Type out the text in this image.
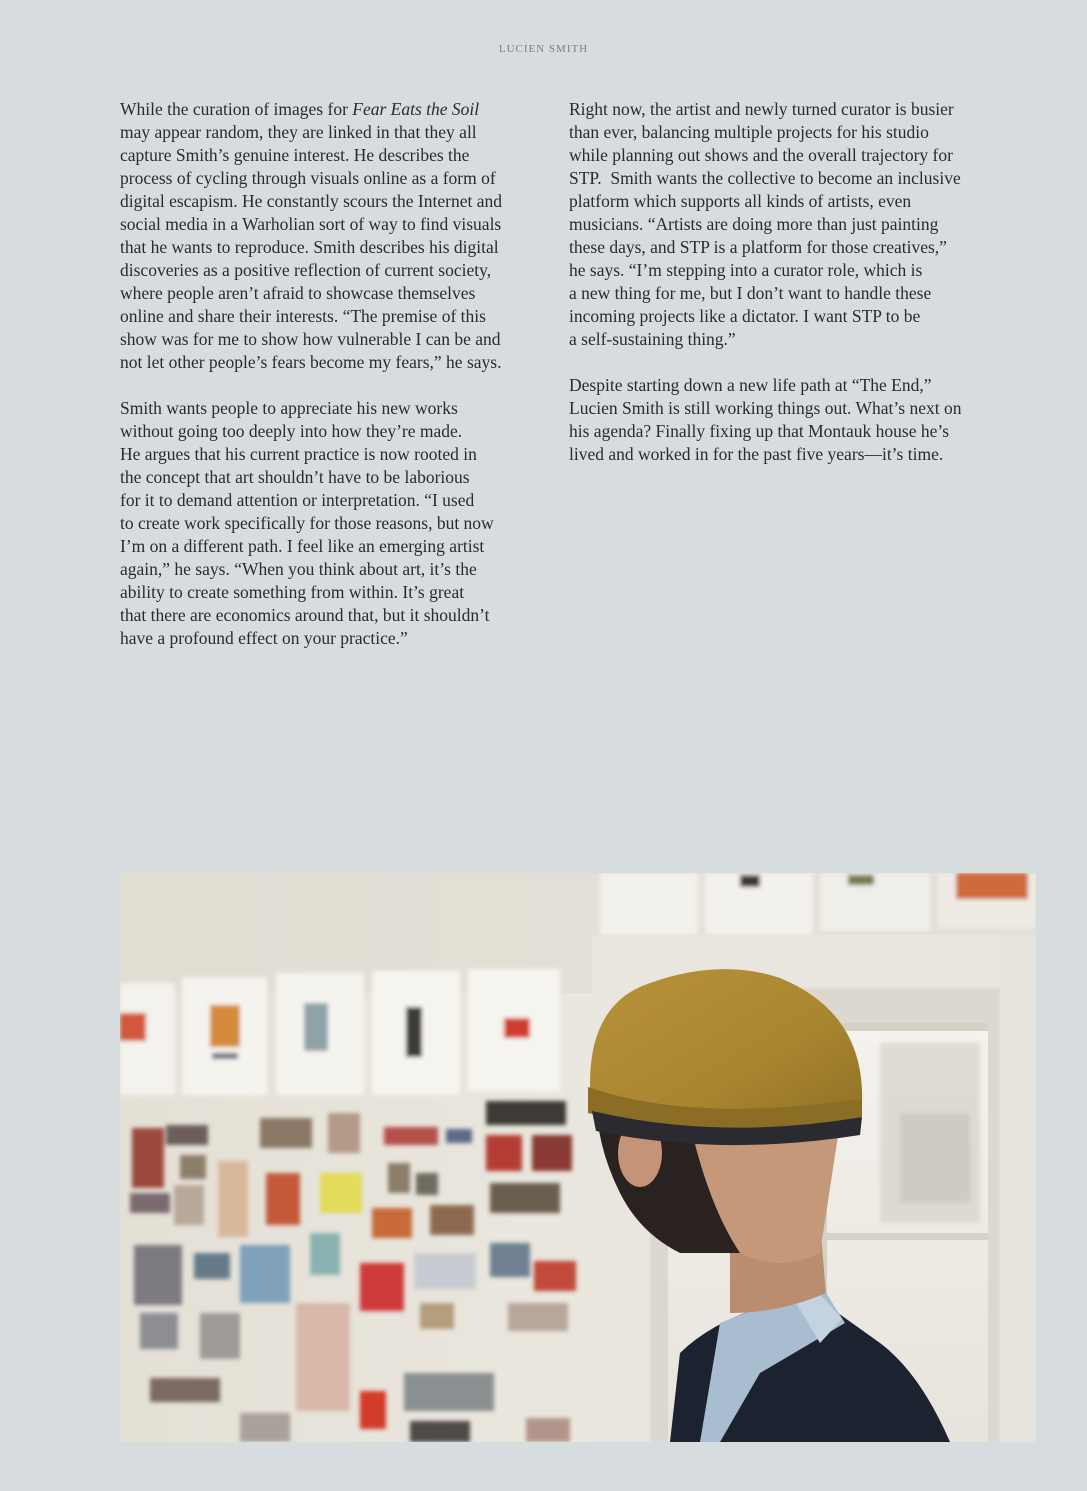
LUCIEN SMITH

While the curation of images for Fear Eats the Soil
may appear random, they are linked in that they all
capture Smith’s genuine interest. He describes the
process of cycling through visuals online as a form of
digital escapism. He constantly scours the Internet and
social media in a Warholian sort of way to find visuals
that he wants to reproduce. Smith describes his digital
discoveries as a positive reflection of current society,
where people aren’t afraid to showcase themselves
online and share their interests. “The premise of this
show was for me to show how vulnerable I can be and
not let other people’s fears become my fears,” he says.

Smith wants people to appreciate his new works
without going too deeply into how they’re made.
He argues that his current practice is now rooted in
the concept that art shouldn’t have to be laborious
for it to demand attention or interpretation. “I used
to create work specifically for those reasons, but now
I’m on a different path. I feel like an emerging artist
again,” he says. “When you think about art, it’s the
ability to create something from within. It’s great
that there are economics around that, but it shouldn’t
have a profound effect on your practice.”

Right now, the artist and newly turned curator is busier
than ever, balancing multiple projects for his studio
while planning out shows and the overall trajectory for
STP.  Smith wants the collective to become an inclusive
platform which supports all kinds of artists, even
musicians. “Artists are doing more than just painting
these days, and STP is a platform for those creatives,”
he says. “I’m stepping into a curator role, which is
a new thing for me, but I don’t want to handle these
incoming projects like a dictator. I want STP to be
a self-sustaining thing.”

Despite starting down a new life path at “The End,”
Lucien Smith is still working things out. What’s next on
his agenda? Finally fixing up that Montauk house he’s
lived and worked in for the past five years—it’s time.
